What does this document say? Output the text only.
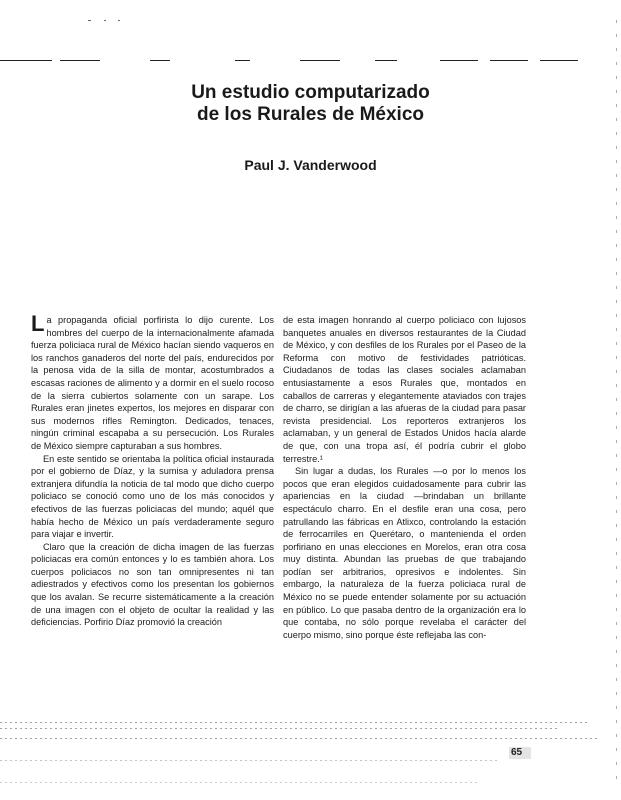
Un estudio computarizado
de los Rurales de México
Paul J. Vanderwood

La propaganda oficial porfirista lo dijo curente. Los hombres del cuerpo de la internacionalmente afamada fuerza policiaca rural de México hacían siendo vaqueros en los ranchos ganaderos del norte del país, endurecidos por la penosa vida de la silla de montar, acostumbrados a escasas raciones de alimento y a dormir en el suelo rocoso de la sierra cubiertos solamente con un sarape. Los Rurales eran jinetes expertos, los mejores en disparar con sus modernos rifles Remington. Dedicados, tenaces, ningún criminal escapaba a su persecución. Los Rurales de México siempre capturaban a sus hombres.

En este sentido se orientaba la política oficial instaurada por el gobierno de Díaz, y la sumisa y aduladora prensa extranjera difundía la noticia de tal modo que dicho cuerpo policiaco se conoció como uno de los más conocidos y efectivos de las fuerzas policiacas del mundo; aquél que había hecho de México un país verdaderamente seguro para viajar e invertir.

Claro que la creación de dicha imagen de las fuerzas policiacas era común entonces y lo es también ahora. Los cuerpos policiacos no son tan omnipresentes ni tan adiestrados y efectivos como los presentan los gobiernos que los avalan. Se recurre sistemáticamente a la creación de una imagen con el objeto de ocultar la realidad y las deficiencias. Porfirio Díaz promovió la creación

de esta imagen honrando al cuerpo policiaco con lujosos banquetes anuales en diversos restaurantes de la Ciudad de México, y con desfiles de los Rurales por el Paseo de la Reforma con motivo de festividades patrióticas. Ciudadanos de todas las clases sociales aclamaban entusiastamente a esos Rurales que, montados en caballos de carreras y elegantemente ataviados con trajes de charro, se dirigían a las afueras de la ciudad para pasar revista presidencial. Los reporteros extranjeros los aclamaban, y un general de Estados Unidos hacía alarde de que, con una tropa así, él podría cubrir el globo terrestre.¹

Sin lugar a dudas, los Rurales —o por lo menos los pocos que eran elegidos cuidadosamente para cubrir las apariencias en la ciudad —brindaban un brillante espectáculo charro. En el desfile eran una cosa, pero patrullando las fábricas en Atlixco, controlando la estación de ferrocarriles en Querétaro, o mantenienda el orden porfiriano en unas elecciones en Morelos, eran otra cosa muy distinta. Abundan las pruebas de que trabajando podían ser arbitrarios, opresivos e indolentes. Sin embargo, la naturaleza de la fuerza policiaca rural de México no se puede entender solamente por su actuación en público. Lo que pasaba dentro de la organización era lo que contaba, no sólo porque revelaba el carácter del cuerpo mismo, sino porque éste reflejaba las con-

65
